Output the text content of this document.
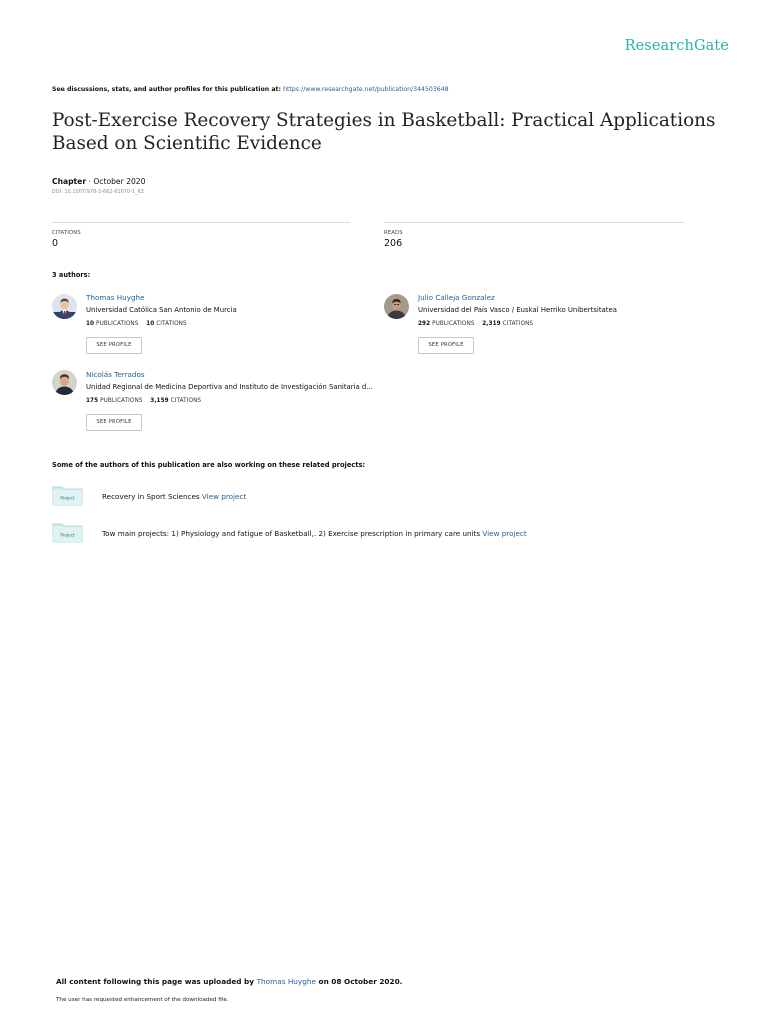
ResearchGate
See discussions, stats, and author profiles for this publication at: https://www.researchgate.net/publication/344503648
Post-Exercise Recovery Strategies in Basketball: Practical Applications Based on Scientific Evidence
Chapter · October 2020
DOI: 10.1007/978-3-662-61070-1_63
CITATIONS
0
READS
206
3 authors:
Thomas Huyghe
Universidad Católica San Antonio de Murcia
10 PUBLICATIONS 10 CITATIONS
SEE PROFILE
Julio Calleja Gonzalez
Universidad del País Vasco / Euskal Herriko Unibertsitatea
292 PUBLICATIONS 2,319 CITATIONS
SEE PROFILE
Nicolás Terrados
Unidad Regional de Medicina Deportiva and Instituto de Investigación Sanitaria d...
175 PUBLICATIONS 3,159 CITATIONS
SEE PROFILE
Some of the authors of this publication are also working on these related projects:
Project	Recovery in Sport Sciences View project
Project	Tow main projects: 1) Physiology and fatigue of Basketball,. 2) Exercise prescription in primary care units View project
All content following this page was uploaded by Thomas Huyghe on 08 October 2020.
The user has requested enhancement of the downloaded file.
